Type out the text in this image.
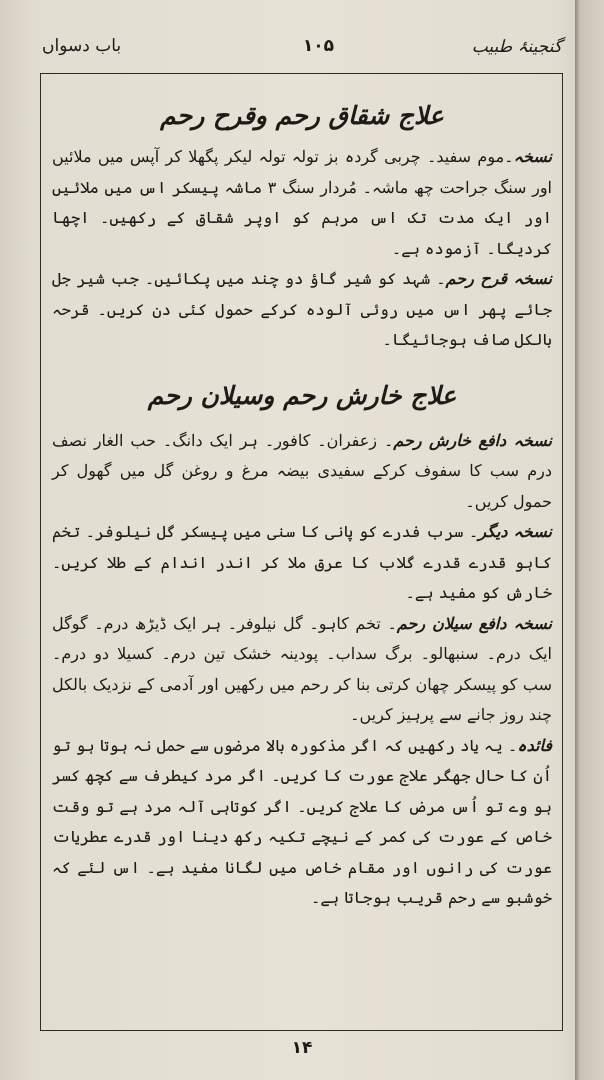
گنجینۂ طبیب
۱۰۵
باب دسواں
علاج شقاق رحم وقرح رحم

نسخہ۔موم سفید۔ چربی گردہ بز تولہ تولہ لیکر پگھلا کر آپس میں ملائیں اور سنگ جراحت چھ ماشہ۔ مُردار سنگ ۳ ماشہ پیسکر اس میں ملائیں اور ایک مدت تک اس مرہم کو اوپر شقاق کے رکھیں۔ اچھا کردیگا۔ آزمودہ ہے۔

نسخہ قرح رحم۔ شہد کو شیر گاؤ دو چند میں پکائیں۔ جب شیر جل جائے پھر اس میں روئی آلودہ کرکے حمول کئی دن کریں۔ قرحہ بالکل صاف ہوجائیگا۔

علاج خارش رحم وسیلان رحم

نسخہ دافع خارش رحم۔ زعفران۔ کافور۔ ہر ایک دانگ۔ حب الغار نصف درم سب کا سفوف کرکے سفیدی بیضہ مرغ و روغن گل میں گھول کر حمول کریں۔

نسخہ دیگر۔ سرب فدرے کو پانی کا سنی میں پیسکر گل نیلوفر۔ تخم کاہو قدرے قدرے گلاب کا عرق ملا کر اندر اندام کے طلا کریں۔ خارش کو مفید ہے۔

نسخہ دافع سیلان رحم۔ تخم کاہو۔ گل نیلوفر۔ ہر ایک ڈیڑھ درم۔ گوگل ایک درم۔ سنبھالو۔ برگ سداب۔ پودینہ خشک تین درم۔ کسیلا دو درم۔ سب کو پیسکر چھان کرتی بنا کر رحم میں رکھیں اور آدمی کے نزدیک بالکل چند روز جانے سے پرہیز کریں۔

فائدہ۔ یہ یاد رکھیں کہ اگر مذکورہ بالا مرضوں سے حمل نہ ہوتا ہو تو اُن کا حال جھگر علاج عورت کا کریں۔ اگر مرد کیطرف سے کچھ کسر ہو وے تو اُس مرض کا علاج کریں۔ اگر کوتاہی آلہ مرد ہے تو وقت خاص کے عورت کی کمر کے نیچے تکیہ رکھ دینا اور قدرے عطریات عورت کی رانوں اور مقام خاص میں لگانا مفید ہے۔ اس لئے کہ خوشبو سے رحم قریب ہوجاتا ہے۔

۱۴
